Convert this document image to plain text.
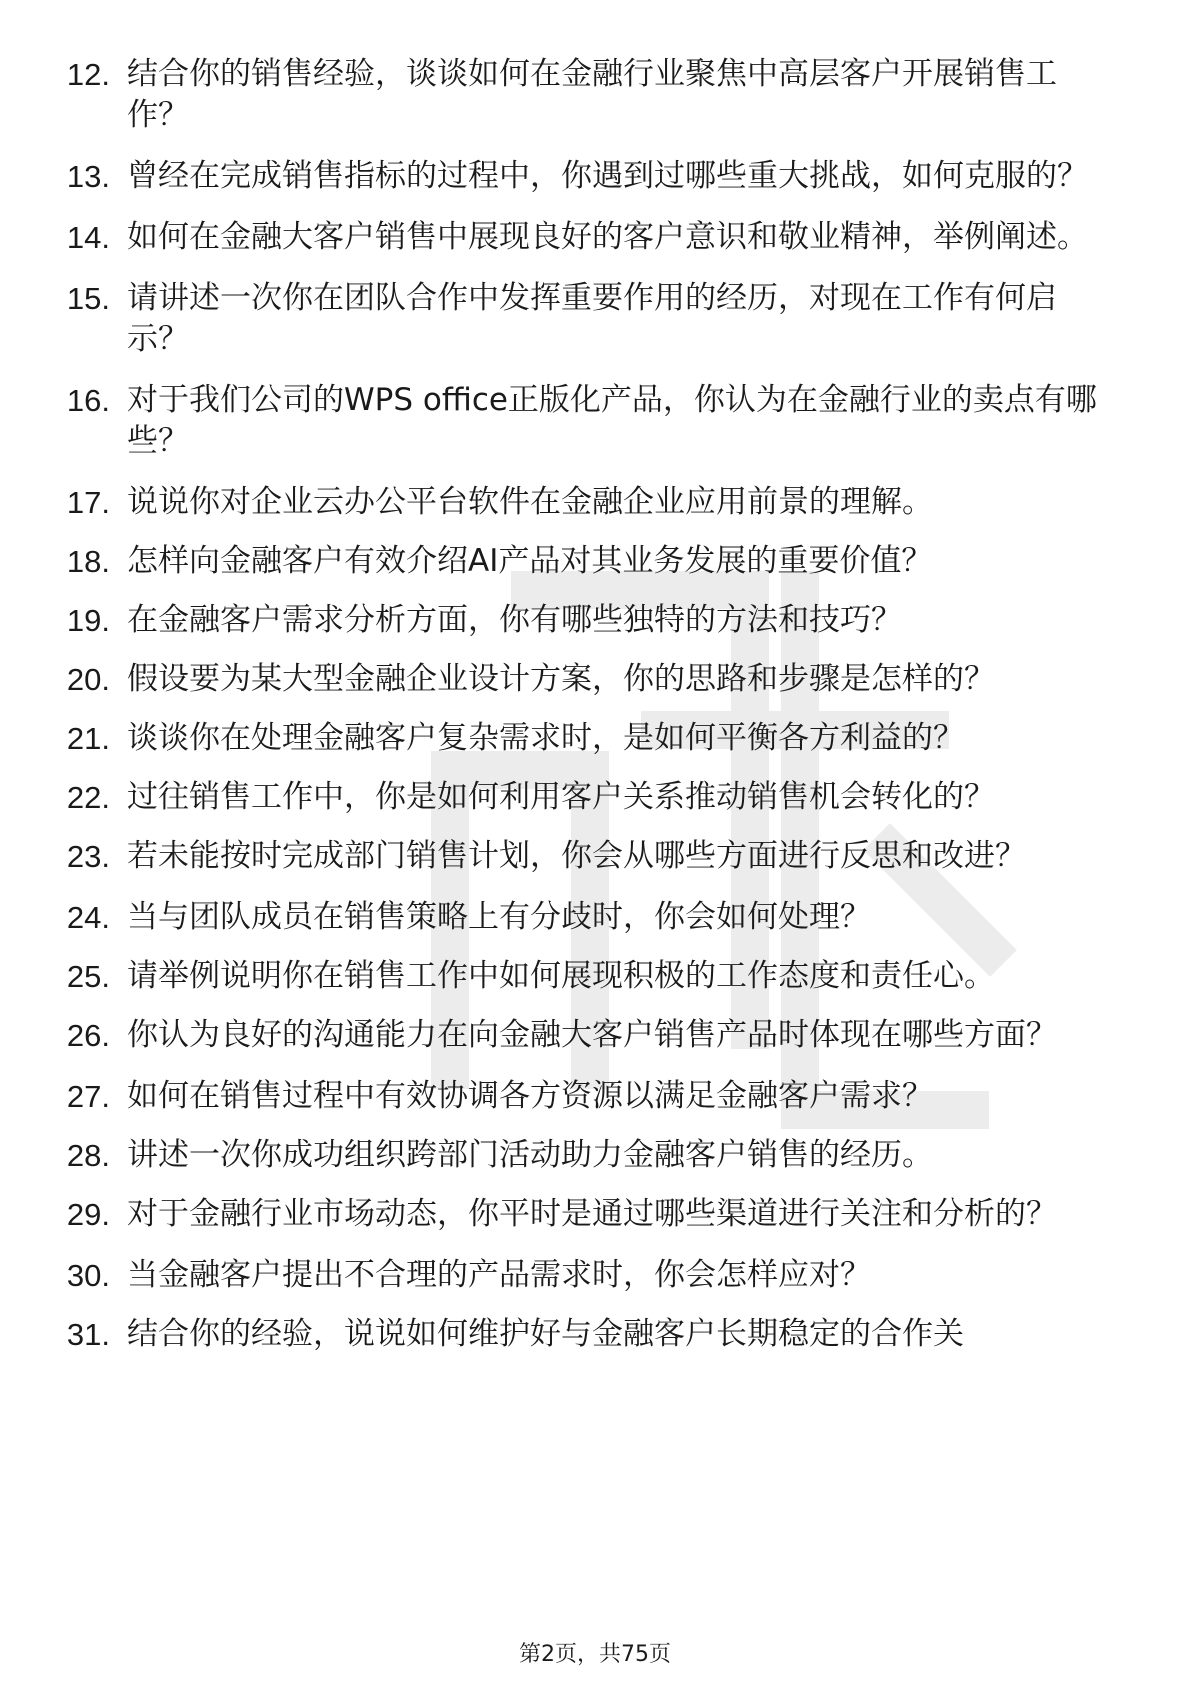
12. 结合你的销售经验，谈谈如何在金融行业聚焦中高层客户开展销售工作？
13. 曾经在完成销售指标的过程中，你遇到过哪些重大挑战，如何克服的？
14. 如何在金融大客户销售中展现良好的客户意识和敬业精神，举例阐述。
15. 请讲述一次你在团队合作中发挥重要作用的经历，对现在工作有何启示？
16. 对于我们公司的WPS office正版化产品，你认为在金融行业的卖点有哪些？
17. 说说你对企业云办公平台软件在金融企业应用前景的理解。
18. 怎样向金融客户有效介绍AI产品对其业务发展的重要价值？
19. 在金融客户需求分析方面，你有哪些独特的方法和技巧？
20. 假设要为某大型金融企业设计方案，你的思路和步骤是怎样的？
21. 谈谈你在处理金融客户复杂需求时，是如何平衡各方利益的？
22. 过往销售工作中，你是如何利用客户关系推动销售机会转化的？
23. 若未能按时完成部门销售计划，你会从哪些方面进行反思和改进？
24. 当与团队成员在销售策略上有分歧时，你会如何处理？
25. 请举例说明你在销售工作中如何展现积极的工作态度和责任心。
26. 你认为良好的沟通能力在向金融大客户销售产品时体现在哪些方面？
27. 如何在销售过程中有效协调各方资源以满足金融客户需求？
28. 讲述一次你成功组织跨部门活动助力金融客户销售的经历。
29. 对于金融行业市场动态，你平时是通过哪些渠道进行关注和分析的？
30. 当金融客户提出不合理的产品需求时，你会怎样应对？
31. 结合你的经验，说说如何维护好与金融客户长期稳定的合作关
第2页，共75页
